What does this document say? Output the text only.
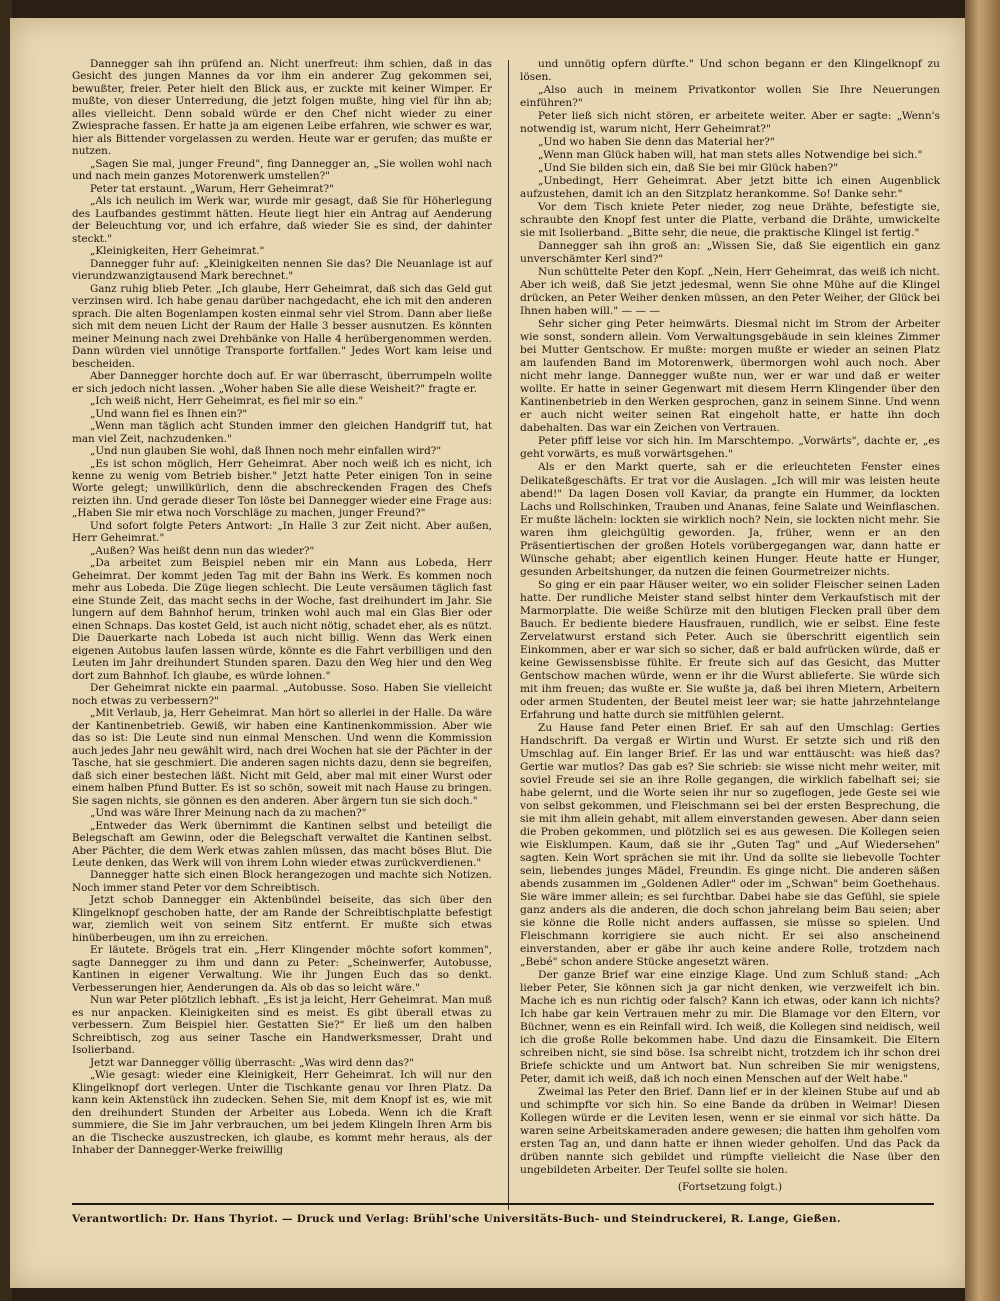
Dannegger sah ihn prüfend an. Nicht unerfreut: ihm schien, daß in das Gesicht des jungen Mannes da vor ihm ein anderer Zug gekommen sei, bewußter, freier. Peter hielt den Blick aus, er zuckte mit keiner Wimper. Er mußte, von dieser Unterredung, die jetzt folgen mußte, hing viel für ihn ab; alles vielleicht. Denn sobald würde er den Chef nicht wieder zu einer Zwiesprache fassen. Er hatte ja am eigenen Leibe erfahren, wie schwer es war, hier als Bittender vorgelassen zu werden. Heute war er gerufen; das mußte er nutzen.

„Sagen Sie mal, junger Freund", fing Dannegger an, „Sie wollen wohl nach und nach mein ganzes Motorenwerk umstellen?"

Peter tat erstaunt. „Warum, Herr Geheimrat?"

„Als ich neulich im Werk war, wurde mir gesagt, daß Sie für Höherlegung des Laufbandes gestimmt hätten. Heute liegt hier ein Antrag auf Aenderung der Beleuchtung vor, und ich erfahre, daß wieder Sie es sind, der dahinter steckt."

„Kleinigkeiten, Herr Geheimrat."

Dannegger fuhr auf: „Kleinigkeiten nennen Sie das? Die Neuanlage ist auf vierundzwanzigtausend Mark berechnet."

Ganz ruhig blieb Peter. „Ich glaube, Herr Geheimrat, daß sich das Geld gut verzinsen wird. Ich habe genau darüber nachgedacht, ehe ich mit den anderen sprach. Die alten Bogenlampen kosten einmal sehr viel Strom. Dann aber ließe sich mit dem neuen Licht der Raum der Halle 3 besser ausnutzen. Es könnten meiner Meinung nach zwei Drehbänke von Halle 4 herübergenommen werden. Dann würden viel unnötige Transporte fortfallen." Jedes Wort kam leise und bescheiden.

Aber Dannegger horchte doch auf. Er war überrascht, überrumpeln wollte er sich jedoch nicht lassen. „Woher haben Sie alle diese Weisheit?" fragte er.

„Ich weiß nicht, Herr Geheimrat, es fiel mir so ein."

„Und wann fiel es Ihnen ein?"

„Wenn man täglich acht Stunden immer den gleichen Handgriff tut, hat man viel Zeit, nachzudenken."

„Und nun glauben Sie wohl, daß Ihnen noch mehr einfallen wird?"

„Es ist schon möglich, Herr Geheimrat. Aber noch weiß ich es nicht, ich kenne zu wenig vom Betrieb bisher." Jetzt hatte Peter einigen Ton in seine Worte gelegt; unwillkürlich, denn die abschreckenden Fragen des Chefs reizten ihn. Und gerade dieser Ton löste bei Dannegger wieder eine Frage aus: „Haben Sie mir etwa noch Vorschläge zu machen, junger Freund?"

Und sofort folgte Peters Antwort: „In Halle 3 zur Zeit nicht. Aber außen, Herr Geheimrat."

„Außen? Was heißt denn nun das wieder?"

„Da arbeitet zum Beispiel neben mir ein Mann aus Lobeda, Herr Geheimrat. Der kommt jeden Tag mit der Bahn ins Werk. Es kommen noch mehr aus Lobeda. Die Züge liegen schlecht. Die Leute versäumen täglich fast eine Stunde Zeit, das macht sechs in der Woche, fast dreihundert im Jahr. Sie lungern auf dem Bahnhof herum, trinken wohl auch mal ein Glas Bier oder einen Schnaps. Das kostet Geld, ist auch nicht nötig, schadet eher, als es nützt. Die Dauerkarte nach Lobeda ist auch nicht billig. Wenn das Werk einen eigenen Autobus laufen lassen würde, könnte es die Fahrt verbilligen und den Leuten im Jahr dreihundert Stunden sparen. Dazu den Weg hier und den Weg dort zum Bahnhof. Ich glaube, es würde lohnen."

Der Geheimrat nickte ein paarmal. „Autobusse. Soso. Haben Sie vielleicht noch etwas zu verbessern?"

„Mit Verlaub, ja, Herr Geheimrat. Man hört so allerlei in der Halle. Da wäre der Kantinenbetrieb. Gewiß, wir haben eine Kantinenkommission. Aber wie das so ist: Die Leute sind nun einmal Menschen. Und wenn die Kommission auch jedes Jahr neu gewählt wird, nach drei Wochen hat sie der Pächter in der Tasche, hat sie geschmiert. Die anderen sagen nichts dazu, denn sie begreifen, daß sich einer bestechen läßt. Nicht mit Geld, aber mal mit einer Wurst oder einem halben Pfund Butter. Es ist so schön, soweit mit nach Hause zu bringen. Sie sagen nichts, sie gönnen es den anderen. Aber ärgern tun sie sich doch."

„Und was wäre Ihrer Meinung nach da zu machen?"

„Entweder das Werk übernimmt die Kantinen selbst und beteiligt die Belegschaft am Gewinn, oder die Belegschaft verwaltet die Kantinen selbst. Aber Pächter, die dem Werk etwas zahlen müssen, das macht böses Blut. Die Leute denken, das Werk will von ihrem Lohn wieder etwas zurückverdienen."

Dannegger hatte sich einen Block herangezogen und machte sich Notizen. Noch immer stand Peter vor dem Schreibtisch.

Jetzt schob Dannegger ein Aktenbündel beiseite, das sich über den Klingelknopf geschoben hatte, der am Rande der Schreibtischplatte befestigt war, ziemlich weit von seinem Sitz entfernt. Er mußte sich etwas hinüberbeugen, um ihn zu erreichen.

Er läutete. Brögels trat ein. „Herr Klingender möchte sofort kommen", sagte Dannegger zu ihm und dann zu Peter: „Scheinwerfer, Autobusse, Kantinen in eigener Verwaltung. Wie ihr Jungen Euch das so denkt. Verbesserungen hier, Aenderungen da. Als ob das so leicht wäre."

Nun war Peter plötzlich lebhaft. „Es ist ja leicht, Herr Geheimrat. Man muß es nur anpacken. Kleinigkeiten sind es meist. Es gibt überall etwas zu verbessern. Zum Beispiel hier. Gestatten Sie?" Er ließ um den halben Schreibtisch, zog aus seiner Tasche ein Handwerksmesser, Draht und Isolierband.

Jetzt war Dannegger völlig überrascht: „Was wird denn das?"

„Wie gesagt: wieder eine Kleinigkeit, Herr Geheimrat. Ich will nur den Klingelknopf dort verlegen. Unter die Tischkante genau vor Ihren Platz. Da kann kein Aktenstück ihn zudecken. Sehen Sie, mit dem Knopf ist es, wie mit den dreihundert Stunden der Arbeiter aus Lobeda. Wenn ich die Kraft summiere, die Sie im Jahr verbrauchen, um bei jedem Klingeln Ihren Arm bis an die Tischecke auszustrecken, ich glaube, es kommt mehr heraus, als der Inhaber der Dannegger-Werke freiwillig

und unnötig opfern dürfte." Und schon begann er den Klingelknopf zu lösen.

„Also auch in meinem Privatkontor wollen Sie Ihre Neuerungen einführen?"

Peter ließ sich nicht stören, er arbeitete weiter. Aber er sagte: „Wenn's notwendig ist, warum nicht, Herr Geheimrat?"

„Und wo haben Sie denn das Material her?"

„Wenn man Glück haben will, hat man stets alles Notwendige bei sich."

„Und Sie bilden sich ein, daß Sie bei mir Glück haben?"

„Unbedingt, Herr Geheimrat. Aber jetzt bitte ich einen Augenblick aufzustehen, damit ich an den Sitzplatz herankomme. So! Danke sehr."

Vor dem Tisch kniete Peter nieder, zog neue Drähte, befestigte sie, schraubte den Knopf fest unter die Platte, verband die Drähte, umwickelte sie mit Isolierband. „Bitte sehr, die neue, die praktische Klingel ist fertig."

Dannegger sah ihn groß an: „Wissen Sie, daß Sie eigentlich ein ganz unverschämter Kerl sind?"

Nun schüttelte Peter den Kopf. „Nein, Herr Geheimrat, das weiß ich nicht. Aber ich weiß, daß Sie jetzt jedesmal, wenn Sie ohne Mühe auf die Klingel drücken, an Peter Weiher denken müssen, an den Peter Weiher, der Glück bei Ihnen haben will." — — —

Sehr sicher ging Peter heimwärts. Diesmal nicht im Strom der Arbeiter wie sonst, sondern allein. Vom Verwaltungsgebäude in sein kleines Zimmer bei Mutter Gentschow. Er mußte: morgen mußte er wieder an seinen Platz am laufenden Band im Motorenwerk, übermorgen wohl auch noch. Aber nicht mehr lange. Dannegger wußte nun, wer er war und daß er weiter wollte. Er hatte in seiner Gegenwart mit diesem Herrn Klingender über den Kantinenbetrieb in den Werken gesprochen, ganz in seinem Sinne. Und wenn er auch nicht weiter seinen Rat eingeholt hatte, er hatte ihn doch dabehalten. Das war ein Zeichen von Vertrauen.

Peter pfiff leise vor sich hin. Im Marschtempo. „Vorwärts", dachte er, „es geht vorwärts, es muß vorwärtsgehen."

Als er den Markt querte, sah er die erleuchteten Fenster eines Delikateßgeschäfts. Er trat vor die Auslagen. „Ich will mir was leisten heute abend!" Da lagen Dosen voll Kaviar, da prangte ein Hummer, da lockten Lachs und Rollschinken, Trauben und Ananas, feine Salate und Weinflaschen. Er mußte lächeln: lockten sie wirklich noch? Nein, sie lockten nicht mehr. Sie waren ihm gleichgültig geworden. Ja, früher, wenn er an den Präsentiertischen der großen Hotels vorübergegangen war, dann hatte er Wünsche gehabt; aber eigentlich keinen Hunger. Heute hatte er Hunger, gesunden Arbeitshunger, da nutzen die feinen Gourmetreizer nichts.

So ging er ein paar Häuser weiter, wo ein solider Fleischer seinen Laden hatte. Der rundliche Meister stand selbst hinter dem Verkaufstisch mit der Marmorplatte. Die weiße Schürze mit den blutigen Flecken prall über dem Bauch. Er bediente biedere Hausfrauen, rundlich, wie er selbst. Eine feste Zervelatwurst erstand sich Peter. Auch sie überschritt eigentlich sein Einkommen, aber er war sich so sicher, daß er bald aufrücken würde, daß er keine Gewissensbisse fühlte. Er freute sich auf das Gesicht, das Mutter Gentschow machen würde, wenn er ihr die Wurst ablieferte. Sie würde sich mit ihm freuen; das wußte er. Sie wußte ja, daß bei ihren Mietern, Arbeitern oder armen Studenten, der Beutel meist leer war; sie hatte jahrzehntelange Erfahrung und hatte durch sie mitfühlen gelernt.

Zu Hause fand Peter einen Brief. Er sah auf den Umschlag: Gerties Handschrift. Da vergaß er Wirtin und Wurst. Er setzte sich und riß den Umschlag auf. Ein langer Brief. Er las und war enttäuscht: was hieß das? Gertie war mutlos? Das gab es? Sie schrieb: sie wisse nicht mehr weiter, mit soviel Freude sei sie an ihre Rolle gegangen, die wirklich fabelhaft sei; sie habe gelernt, und die Worte seien ihr nur so zugeflogen, jede Geste sei wie von selbst gekommen, und Fleischmann sei bei der ersten Besprechung, die sie mit ihm allein gehabt, mit allem einverstanden gewesen. Aber dann seien die Proben gekommen, und plötzlich sei es aus gewesen. Die Kollegen seien wie Eisklumpen. Kaum, daß sie ihr „Guten Tag" und „Auf Wiedersehen" sagten. Kein Wort sprächen sie mit ihr. Und da sollte sie liebevolle Tochter sein, liebendes junges Mädel, Freundin. Es ginge nicht. Die anderen säßen abends zusammen im „Goldenen Adler" oder im „Schwan" beim Goethehaus. Sie wäre immer allein; es sei furchtbar. Dabei habe sie das Gefühl, sie spiele ganz anders als die anderen, die doch schon jahrelang beim Bau seien; aber sie könne die Rolle nicht anders auffassen, sie müsse so spielen. Und Fleischmann korrigiere sie auch nicht. Er sei also anscheinend einverstanden, aber er gäbe ihr auch keine andere Rolle, trotzdem nach „Bebé" schon andere Stücke angesetzt wären.

Der ganze Brief war eine einzige Klage. Und zum Schluß stand: „Ach lieber Peter, Sie können sich ja gar nicht denken, wie verzweifelt ich bin. Mache ich es nun richtig oder falsch? Kann ich etwas, oder kann ich nichts? Ich habe gar kein Vertrauen mehr zu mir. Die Blamage vor den Eltern, vor Büchner, wenn es ein Reinfall wird. Ich weiß, die Kollegen sind neidisch, weil ich die große Rolle bekommen habe. Und dazu die Einsamkeit. Die Eltern schreiben nicht, sie sind böse. Isa schreibt nicht, trotzdem ich ihr schon drei Briefe schickte und um Antwort bat. Nun schreiben Sie mir wenigstens, Peter, damit ich weiß, daß ich noch einen Menschen auf der Welt habe."

Zweimal las Peter den Brief. Dann lief er in der kleinen Stube auf und ab und schimpfte vor sich hin. So eine Bande da drüben in Weimar! Diesen Kollegen würde er die Leviten lesen, wenn er sie einmal vor sich hätte. Da waren seine Arbeitskameraden andere gewesen; die hatten ihm geholfen vom ersten Tag an, und dann hatte er ihnen wieder geholfen. Und das Pack da drüben nannte sich gebildet und rümpfte vielleicht die Nase über den ungebildeten Arbeiter. Der Teufel sollte sie holen.

(Fortsetzung folgt.)

Verantwortlich: Dr. Hans Thyriot. — Druck und Verlag: Brühl'sche Universitäts-Buch- und Steindruckerei, R. Lange, Gießen.
